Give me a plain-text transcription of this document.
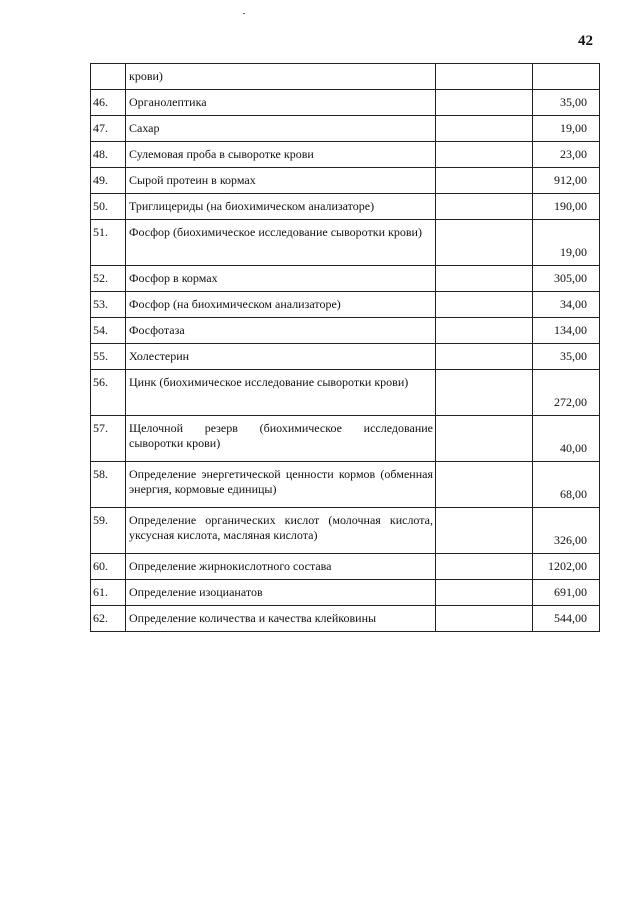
42
	крови)		
46.	Органолептика		35,00
47.	Сахар		19,00
48.	Сулемовая проба в сыворотке крови		23,00
49.	Сырой протеин в кормах		912,00
50.	Триглицериды (на биохимическом анализаторе)		190,00
51.	Фосфор (биохимическое исследование сыворотки крови)		19,00
52.	Фосфор в кормах		305,00
53.	Фосфор (на биохимическом анализаторе)		34,00
54.	Фосфотаза		134,00
55.	Холестерин		35,00
56.	Цинк (биохимическое исследование сыворотки крови)		272,00
57.	Щелочной резерв (биохимическое исследование сыворотки крови)		40,00
58.	Определение энергетической ценности кормов (обменная энергия, кормовые единицы)		68,00
59.	Определение органических кислот (молочная кислота, уксусная кислота, масляная кислота)		326,00
60.	Определение жирнокислотного состава		1202,00
61.	Определение изоцианатов		691,00
62.	Определение количества и качества клейковины		544,00
